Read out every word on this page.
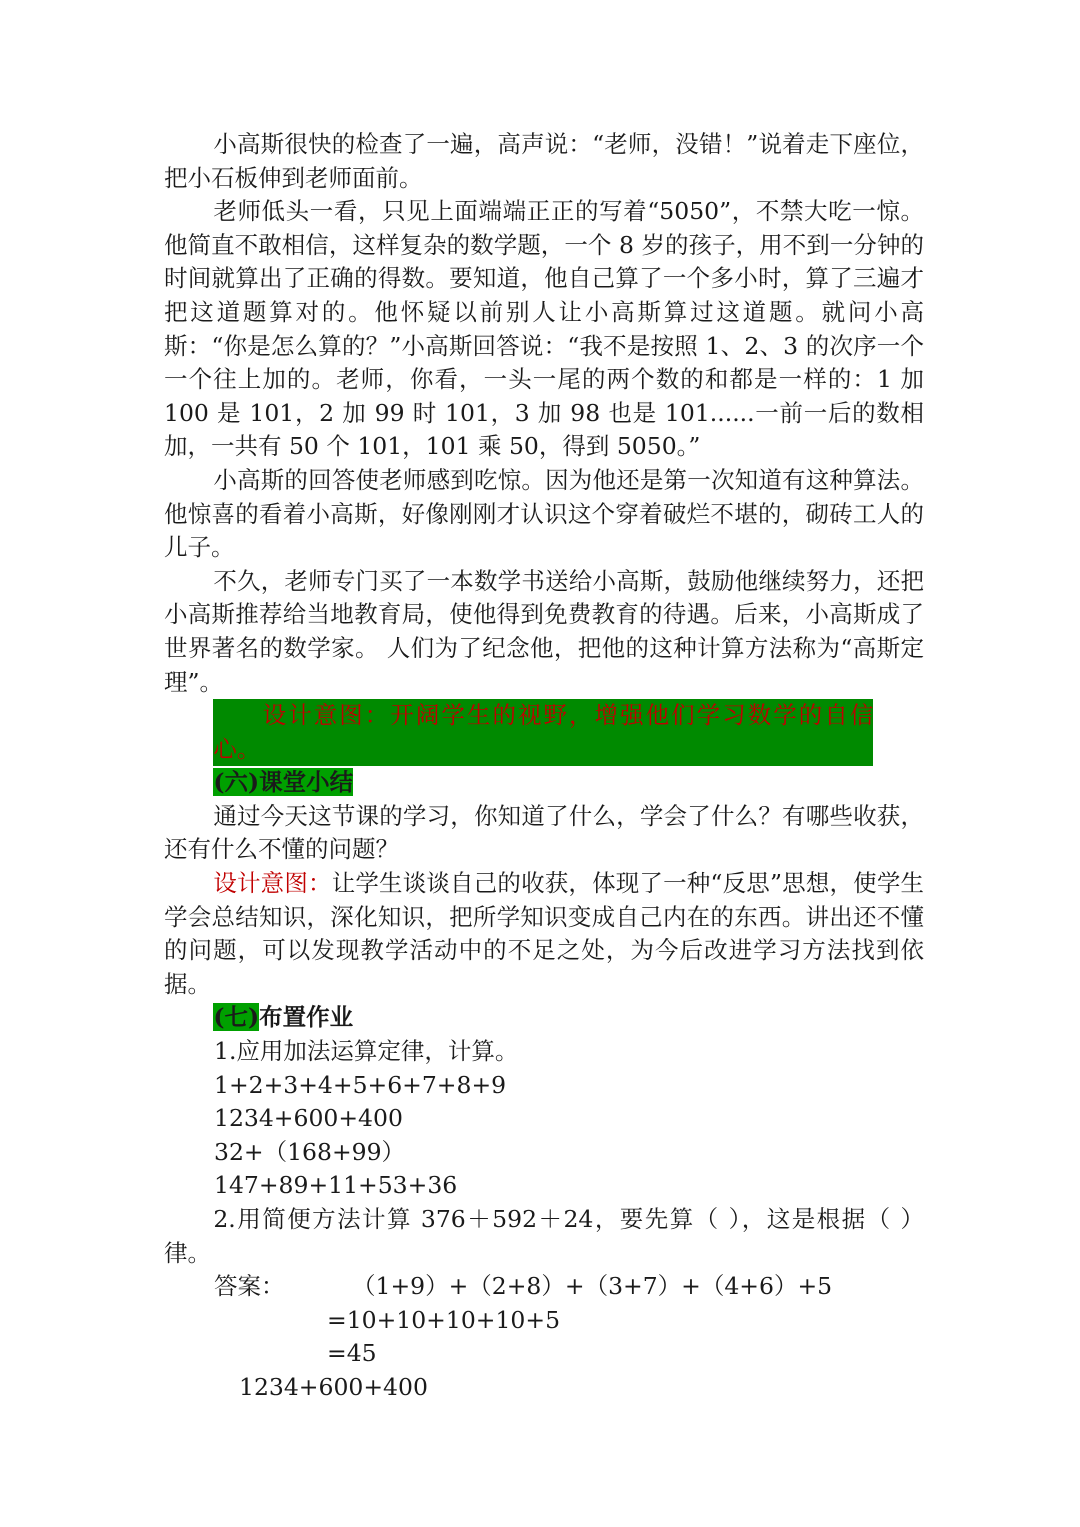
小高斯很快的检查了一遍，高声说：“老师，没错！”说着走下座位，把小石板伸到老师面前。

老师低头一看，只见上面端端正正的写着“5050”，不禁大吃一惊。他简直不敢相信，这样复杂的数学题，一个 8 岁的孩子，用不到一分钟的时间就算出了正确的得数。要知道，他自己算了一个多小时，算了三遍才把这道题算对的。他怀疑以前别人让小高斯算过这道题。就问小高斯：“你是怎么算的？”小高斯回答说：“我不是按照 1、2、3 的次序一个一个往上加的。老师，你看，一头一尾的两个数的和都是一样的：1 加 100 是 101，2 加 99 时 101，3 加 98 也是 101......一前一后的数相加，一共有 50 个 101，101 乘 50，得到 5050。”

小高斯的回答使老师感到吃惊。因为他还是第一次知道有这种算法。他惊喜的看着小高斯，好像刚刚才认识这个穿着破烂不堪的，砌砖工人的儿子。

不久，老师专门买了一本数学书送给小高斯，鼓励他继续努力，还把小高斯推荐给当地教育局，使他得到免费教育的待遇。后来，小高斯成了世界著名的数学家。 人们为了纪念他，把他的这种计算方法称为“高斯定理”。

设计意图：开阔学生的视野，增强他们学习数学的自信心。

(六)课堂小结

通过今天这节课的学习，你知道了什么，学会了什么？有哪些收获，还有什么不懂的问题？

设计意图：让学生谈谈自己的收获，体现了一种“反思”思想，使学生学会总结知识，深化知识，把所学知识变成自己内在的东西。讲出还不懂的问题，可以发现教学活动中的不足之处，为今后改进学习方法找到依据。

(七)布置作业

1.应用加法运算定律，计算。

1+2+3+4+5+6+7+8+9

1234+600+400

32+（168+99）

147+89+11+53+36

2.用简便方法计算 376＋592＋24，要先算（ ），这是根据（ ）律。

答案：	（1+9）+（2+8）+（3+7）+（4+6）+5

=10+10+10+10+5

=45

1234+600+400
